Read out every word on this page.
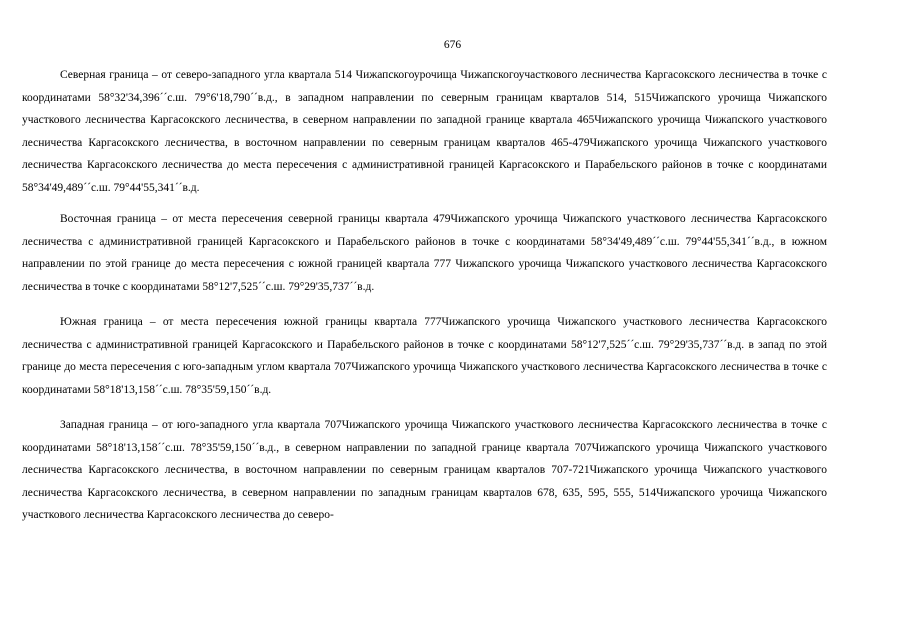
676

Северная граница – от северо-западного угла квартала 514 Чижапскогоурочища Чижапскогоучасткового лесничества Каргасокского лесничества в точке с координатами 58°32'34,396´´с.ш. 79°6'18,790´´в.д., в западном направлении по северным границам кварталов 514, 515Чижапского урочища Чижапского участкового лесничества Каргасокского лесничества, в северном направлении по западной границе квартала 465Чижапского урочища Чижапского участкового лесничества Каргасокского лесничества, в восточном направлении по северным границам кварталов 465-479Чижапского урочища Чижапского участкового лесничества Каргасокского лесничества до места пересечения с административной границей Каргасокского и Парабельского районов в точке с координатами 58°34'49,489´´с.ш. 79°44'55,341´´в.д.

Восточная граница – от места пересечения северной границы квартала 479Чижапского урочища Чижапского участкового лесничества Каргасокского лесничества с административной границей Каргасокского и Парабельского районов в точке с координатами 58°34'49,489´´с.ш. 79°44'55,341´´в.д., в южном направлении по этой границе до места пересечения с южной границей квартала 777 Чижапского урочища Чижапского участкового лесничества Каргасокского лесничества в точке с координатами 58°12'7,525´´с.ш. 79°29'35,737´´в.д.

Южная граница – от места пересечения южной границы квартала 777Чижапского урочища Чижапского участкового лесничества Каргасокского лесничества с административной границей Каргасокского и Парабельского районов в точке с координатами 58°12'7,525´´с.ш. 79°29'35,737´´в.д. в запад по этой границе до места пересечения с юго-западным углом квартала 707Чижапского урочища Чижапского участкового лесничества Каргасокского лесничества в точке с координатами 58°18'13,158´´с.ш. 78°35'59,150´´в.д.

Западная граница – от юго-западного угла квартала 707Чижапского урочища Чижапского участкового лесничества Каргасокского лесничества в точке с координатами 58°18'13,158´´с.ш. 78°35'59,150´´в.д., в северном направлении по западной границе квартала 707Чижапского урочища Чижапского участкового лесничества Каргасокского лесничества, в восточном направлении по северным границам кварталов 707-721Чижапского урочища Чижапского участкового лесничества Каргасокского лесничества, в северном направлении по западным границам кварталов 678, 635, 595, 555, 514Чижапского урочища Чижапского участкового лесничества Каргасокского лесничества до северо-
